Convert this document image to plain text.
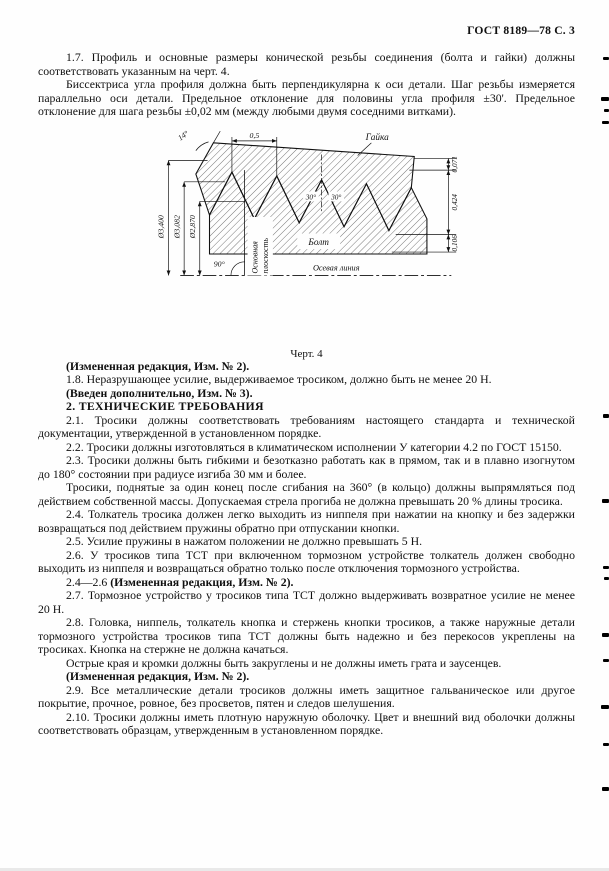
ГОСТ 8189—78 С. 3

1.7. Профиль и основные размеры конической резьбы соединения (болта и гайки) должны соответствовать указанным на черт. 4.

Биссектриса угла профиля должна быть перпендикулярна к оси детали. Шаг резьбы измеряется параллельно оси детали. Предельное отклонение для половины угла профиля ±30'. Предельное отклонение для шага резьбы ±0,02 мм (между любыми двумя соседними витками).

Осевая линия
Основная плоскость
90°
Гайка
Болт
0,5
14°
30° 30°
0,071
0,424
0,106
Ø3,400 Ø3,082 Ø2,870
Черт. 4

(Измененная редакция, Изм. № 2).

1.8. Неразрушающее усилие, выдерживаемое тросиком, должно быть не менее 20 Н.

(Введен дополнительно, Изм. № 3).

2. ТЕХНИЧЕСКИЕ ТРЕБОВАНИЯ

2.1. Тросики должны соответствовать требованиям настоящего стандарта и технической документации, утвержденной в установленном порядке.

2.2. Тросики должны изготовляться в климатическом исполнении У категории 4.2 по ГОСТ 15150.

2.3. Тросики должны быть гибкими и безотказно работать как в прямом, так и в плавно изогнутом до 180° состоянии при радиусе изгиба 30 мм и более.

Тросики, поднятые за один конец после сгибания на 360° (в кольцо) должны выпрямляться под действием собственной массы. Допускаемая стрела прогиба не должна превышать 20 % длины тросика.

2.4. Толкатель тросика должен легко выходить из ниппеля при нажатии на кнопку и без задержки возвращаться под действием пружины обратно при отпускании кнопки.

2.5. Усилие пружины в нажатом положении не должно превышать 5 Н.

2.6. У тросиков типа ТСТ при включенном тормозном устройстве толкатель должен свободно выходить из ниппеля и возвращаться обратно только после отключения тормозного устройства.

2.4—2.6 (Измененная редакция, Изм. № 2).

2.7. Тормозное устройство у тросиков типа ТСТ должно выдерживать возвратное усилие не менее 20 Н.

2.8. Головка, ниппель, толкатель кнопка и стержень кнопки тросиков, а также наружные детали тормозного устройства тросиков типа ТСТ должны быть надежно и без перекосов укреплены на тросиках. Кнопка на стержне не должна качаться.

Острые края и кромки должны быть закруглены и не должны иметь грата и заусенцев.

(Измененная редакция, Изм. № 2).

2.9. Все металлические детали тросиков должны иметь защитное гальваническое или другое покрытие, прочное, ровное, без просветов, пятен и следов шелушения.

2.10. Тросики должны иметь плотную наружную оболочку. Цвет и внешний вид оболочки должны соответствовать образцам, утвержденным в установленном порядке.
